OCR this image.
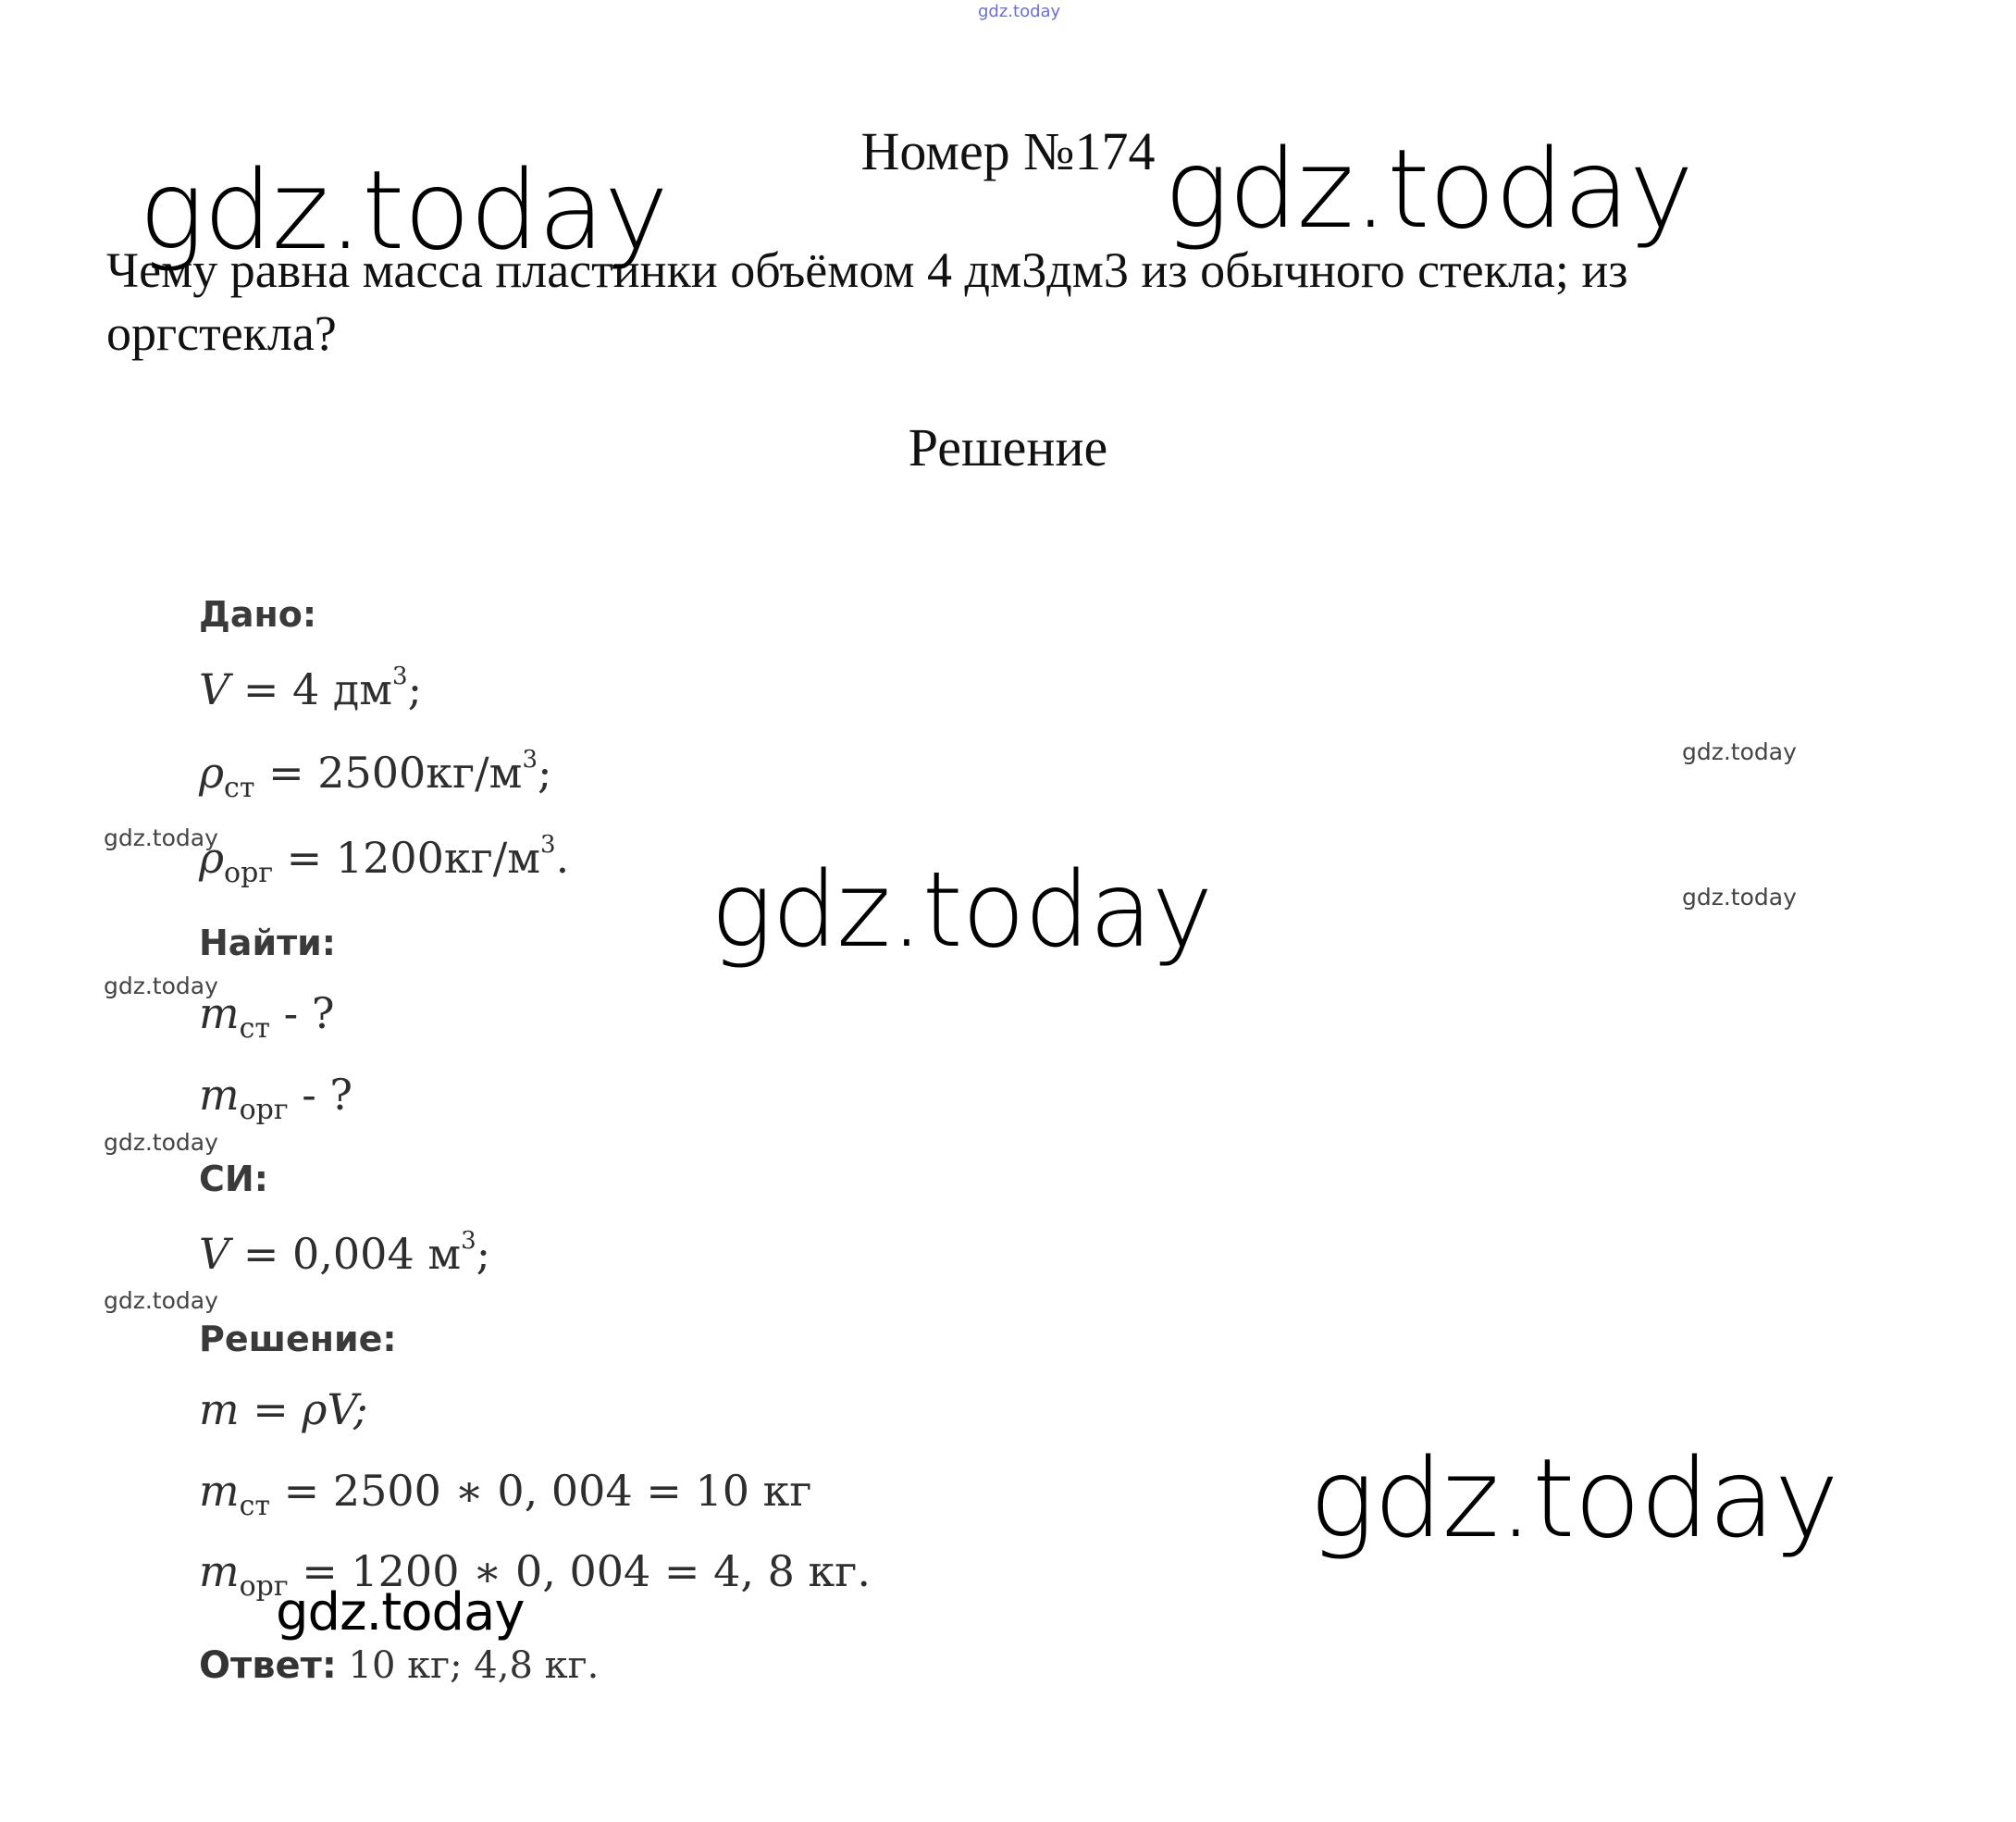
gdz.today
Номер №174
Чему равна масса пластинки объёмом 4 дм3дм3 из обычного стекла; из оргстекла?
Решение
Дано:
V = 4 $дм^3$;
$\rho_{ст} = 2500кг/м^3$;
$\rho_{орг} = 1200кг/м^3$.
Найти:
$m_{ст}$ - ?
$m_{орг}$ - ?
СИ:
V = 0,004 $м^3$;
Решение:
m = ρV;
$m_{ст} = 2500$ ∗ 0, 004 = 10 кг
$m_{орг} = 1200$ ∗ 0, 004 = 4, 8 кг.
Ответ: 10 кг; 4,8 кг.
gdz.today	gdz.today
gdz.today
gdz.today
gdz.today
gdz.today
gdz.today
gdz.today
gdz.today
gdz.today
gdz.today
